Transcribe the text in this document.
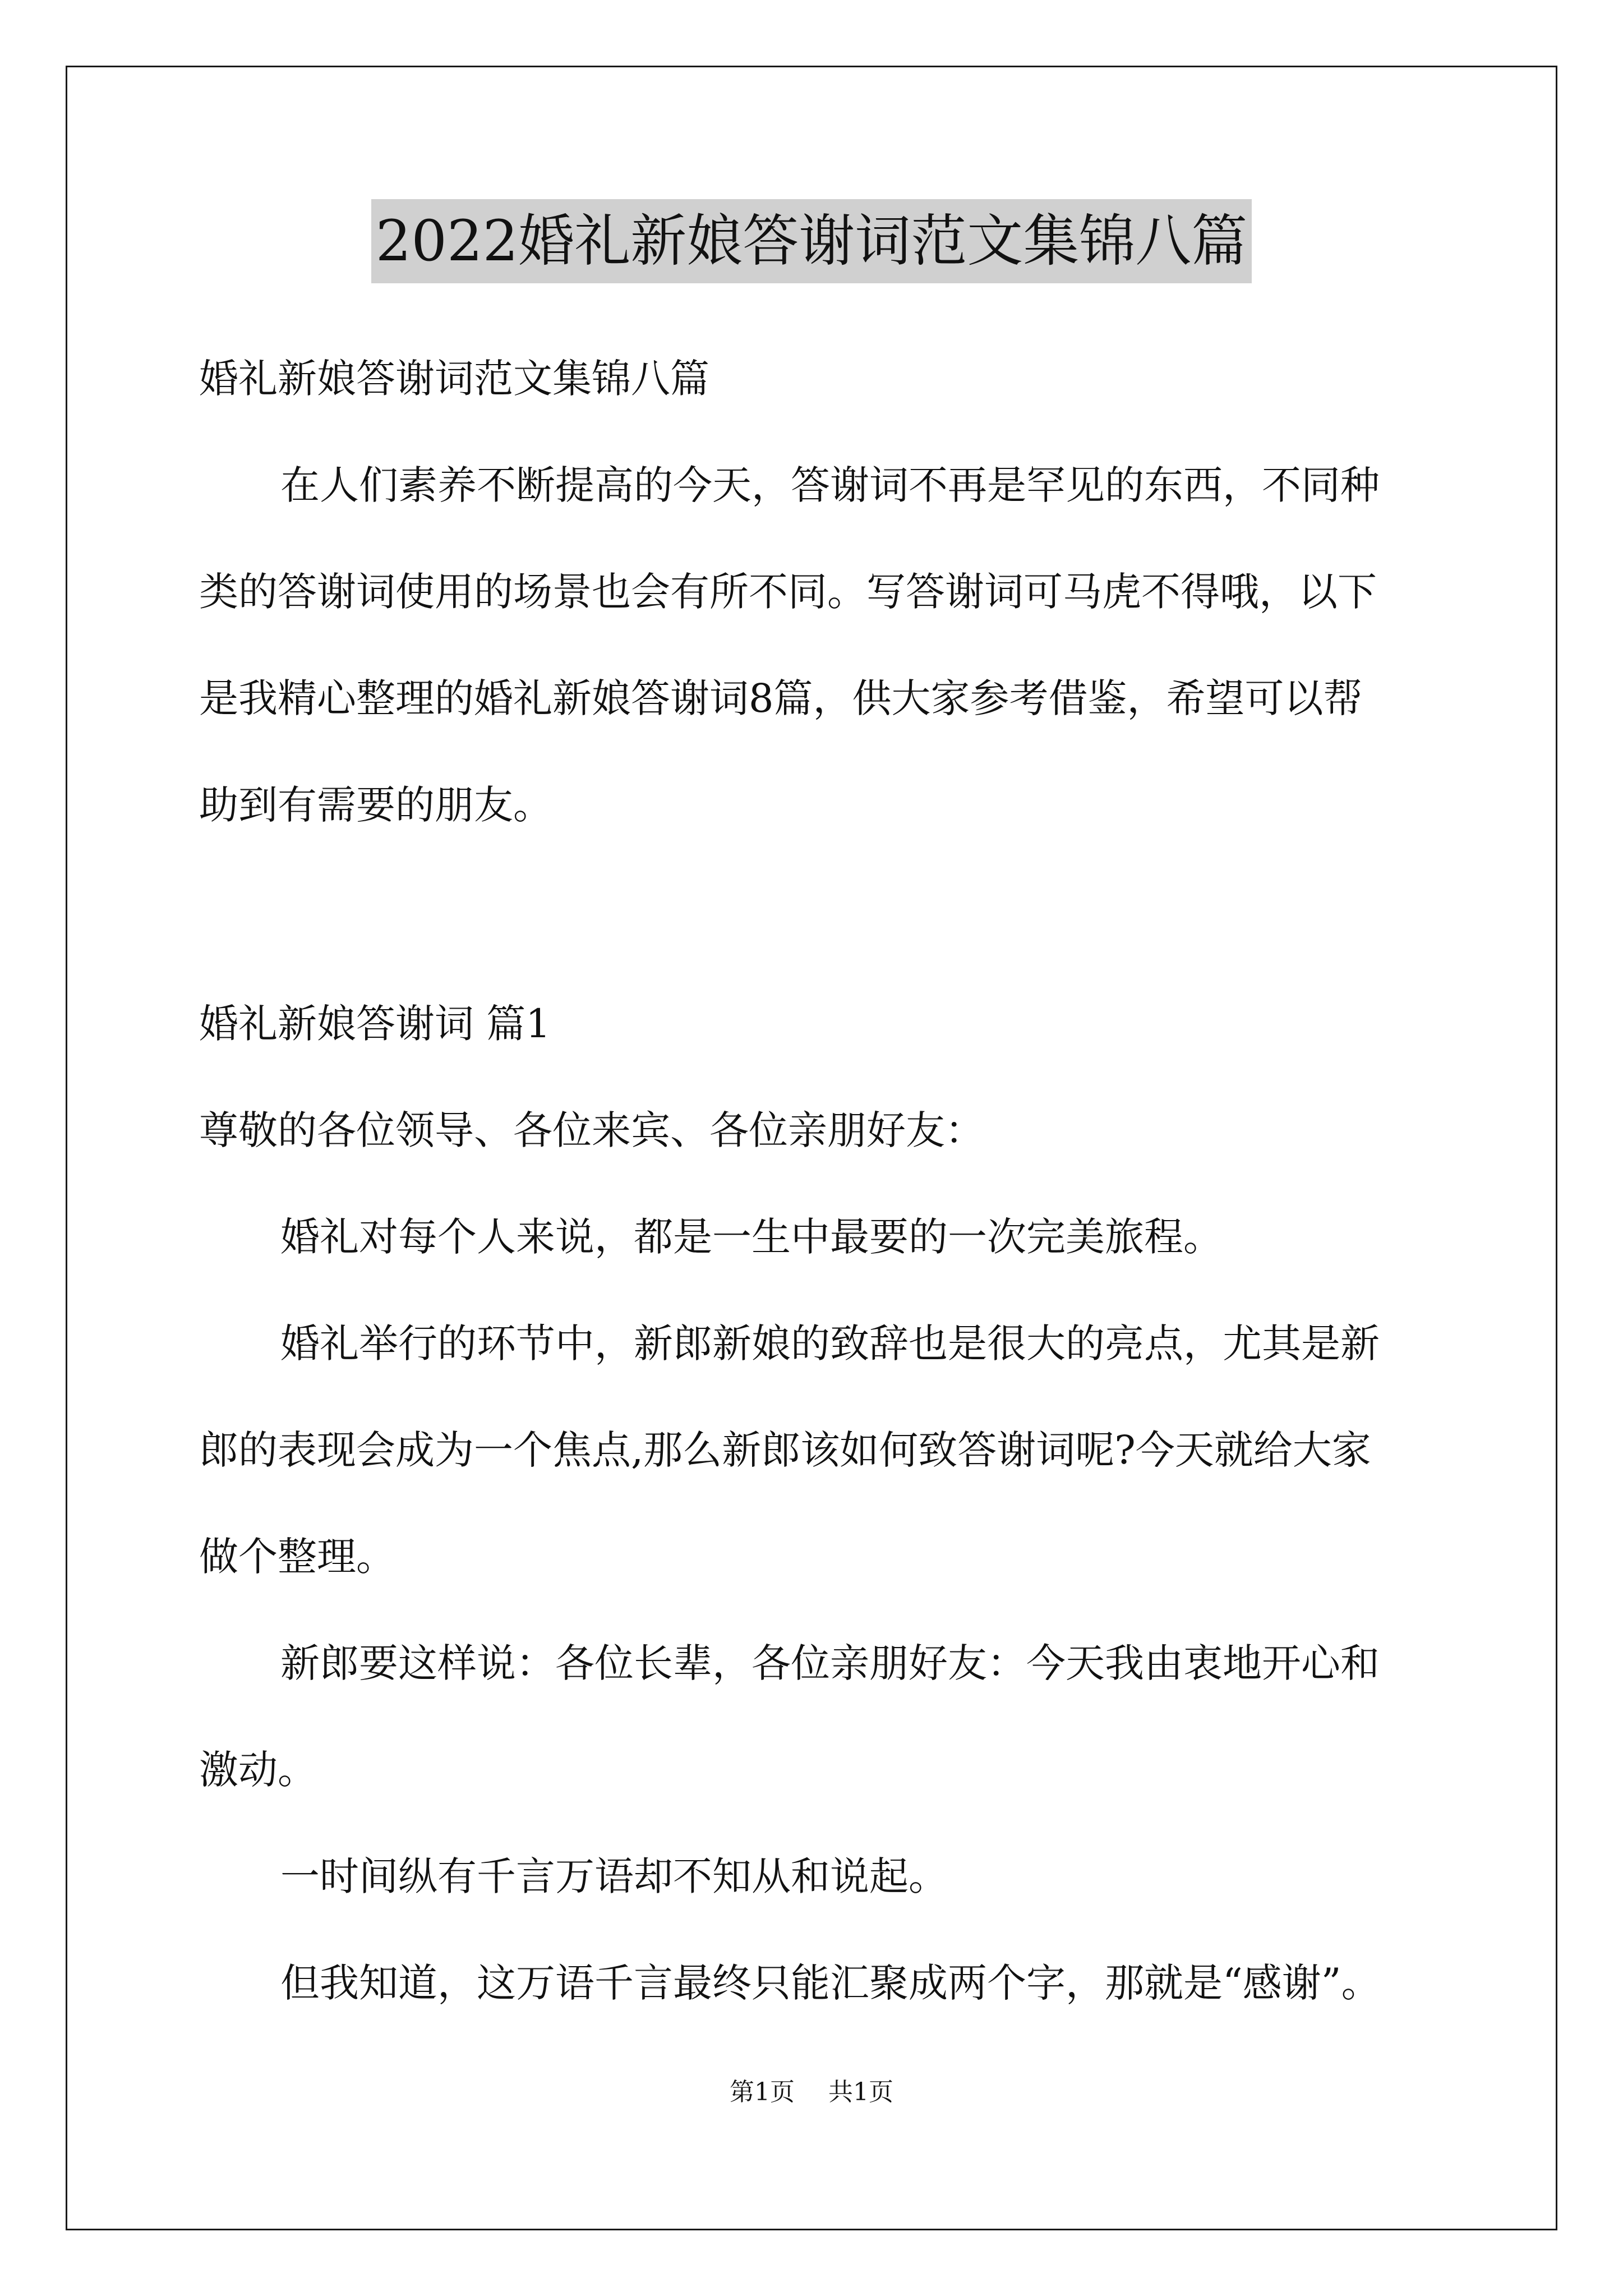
2022婚礼新娘答谢词范文集锦八篇
婚礼新娘答谢词范文集锦八篇
在人们素养不断提高的今天，答谢词不再是罕见的东西，不同种
类的答谢词使用的场景也会有所不同。写答谢词可马虎不得哦，以下
是我精心整理的婚礼新娘答谢词8篇，供大家参考借鉴，希望可以帮
助到有需要的朋友。
婚礼新娘答谢词 篇1
尊敬的各位领导、各位来宾、各位亲朋好友：
婚礼对每个人来说，都是一生中最要的一次完美旅程。
婚礼举行的环节中，新郎新娘的致辞也是很大的亮点，尤其是新
郎的表现会成为一个焦点,那么新郎该如何致答谢词呢?今天就给大家
做个整理。
新郎要这样说：各位长辈，各位亲朋好友：今天我由衷地开心和
激动。
一时间纵有千言万语却不知从和说起。
但我知道，这万语千言最终只能汇聚成两个字，那就是“感谢”。
第1页 共1页
